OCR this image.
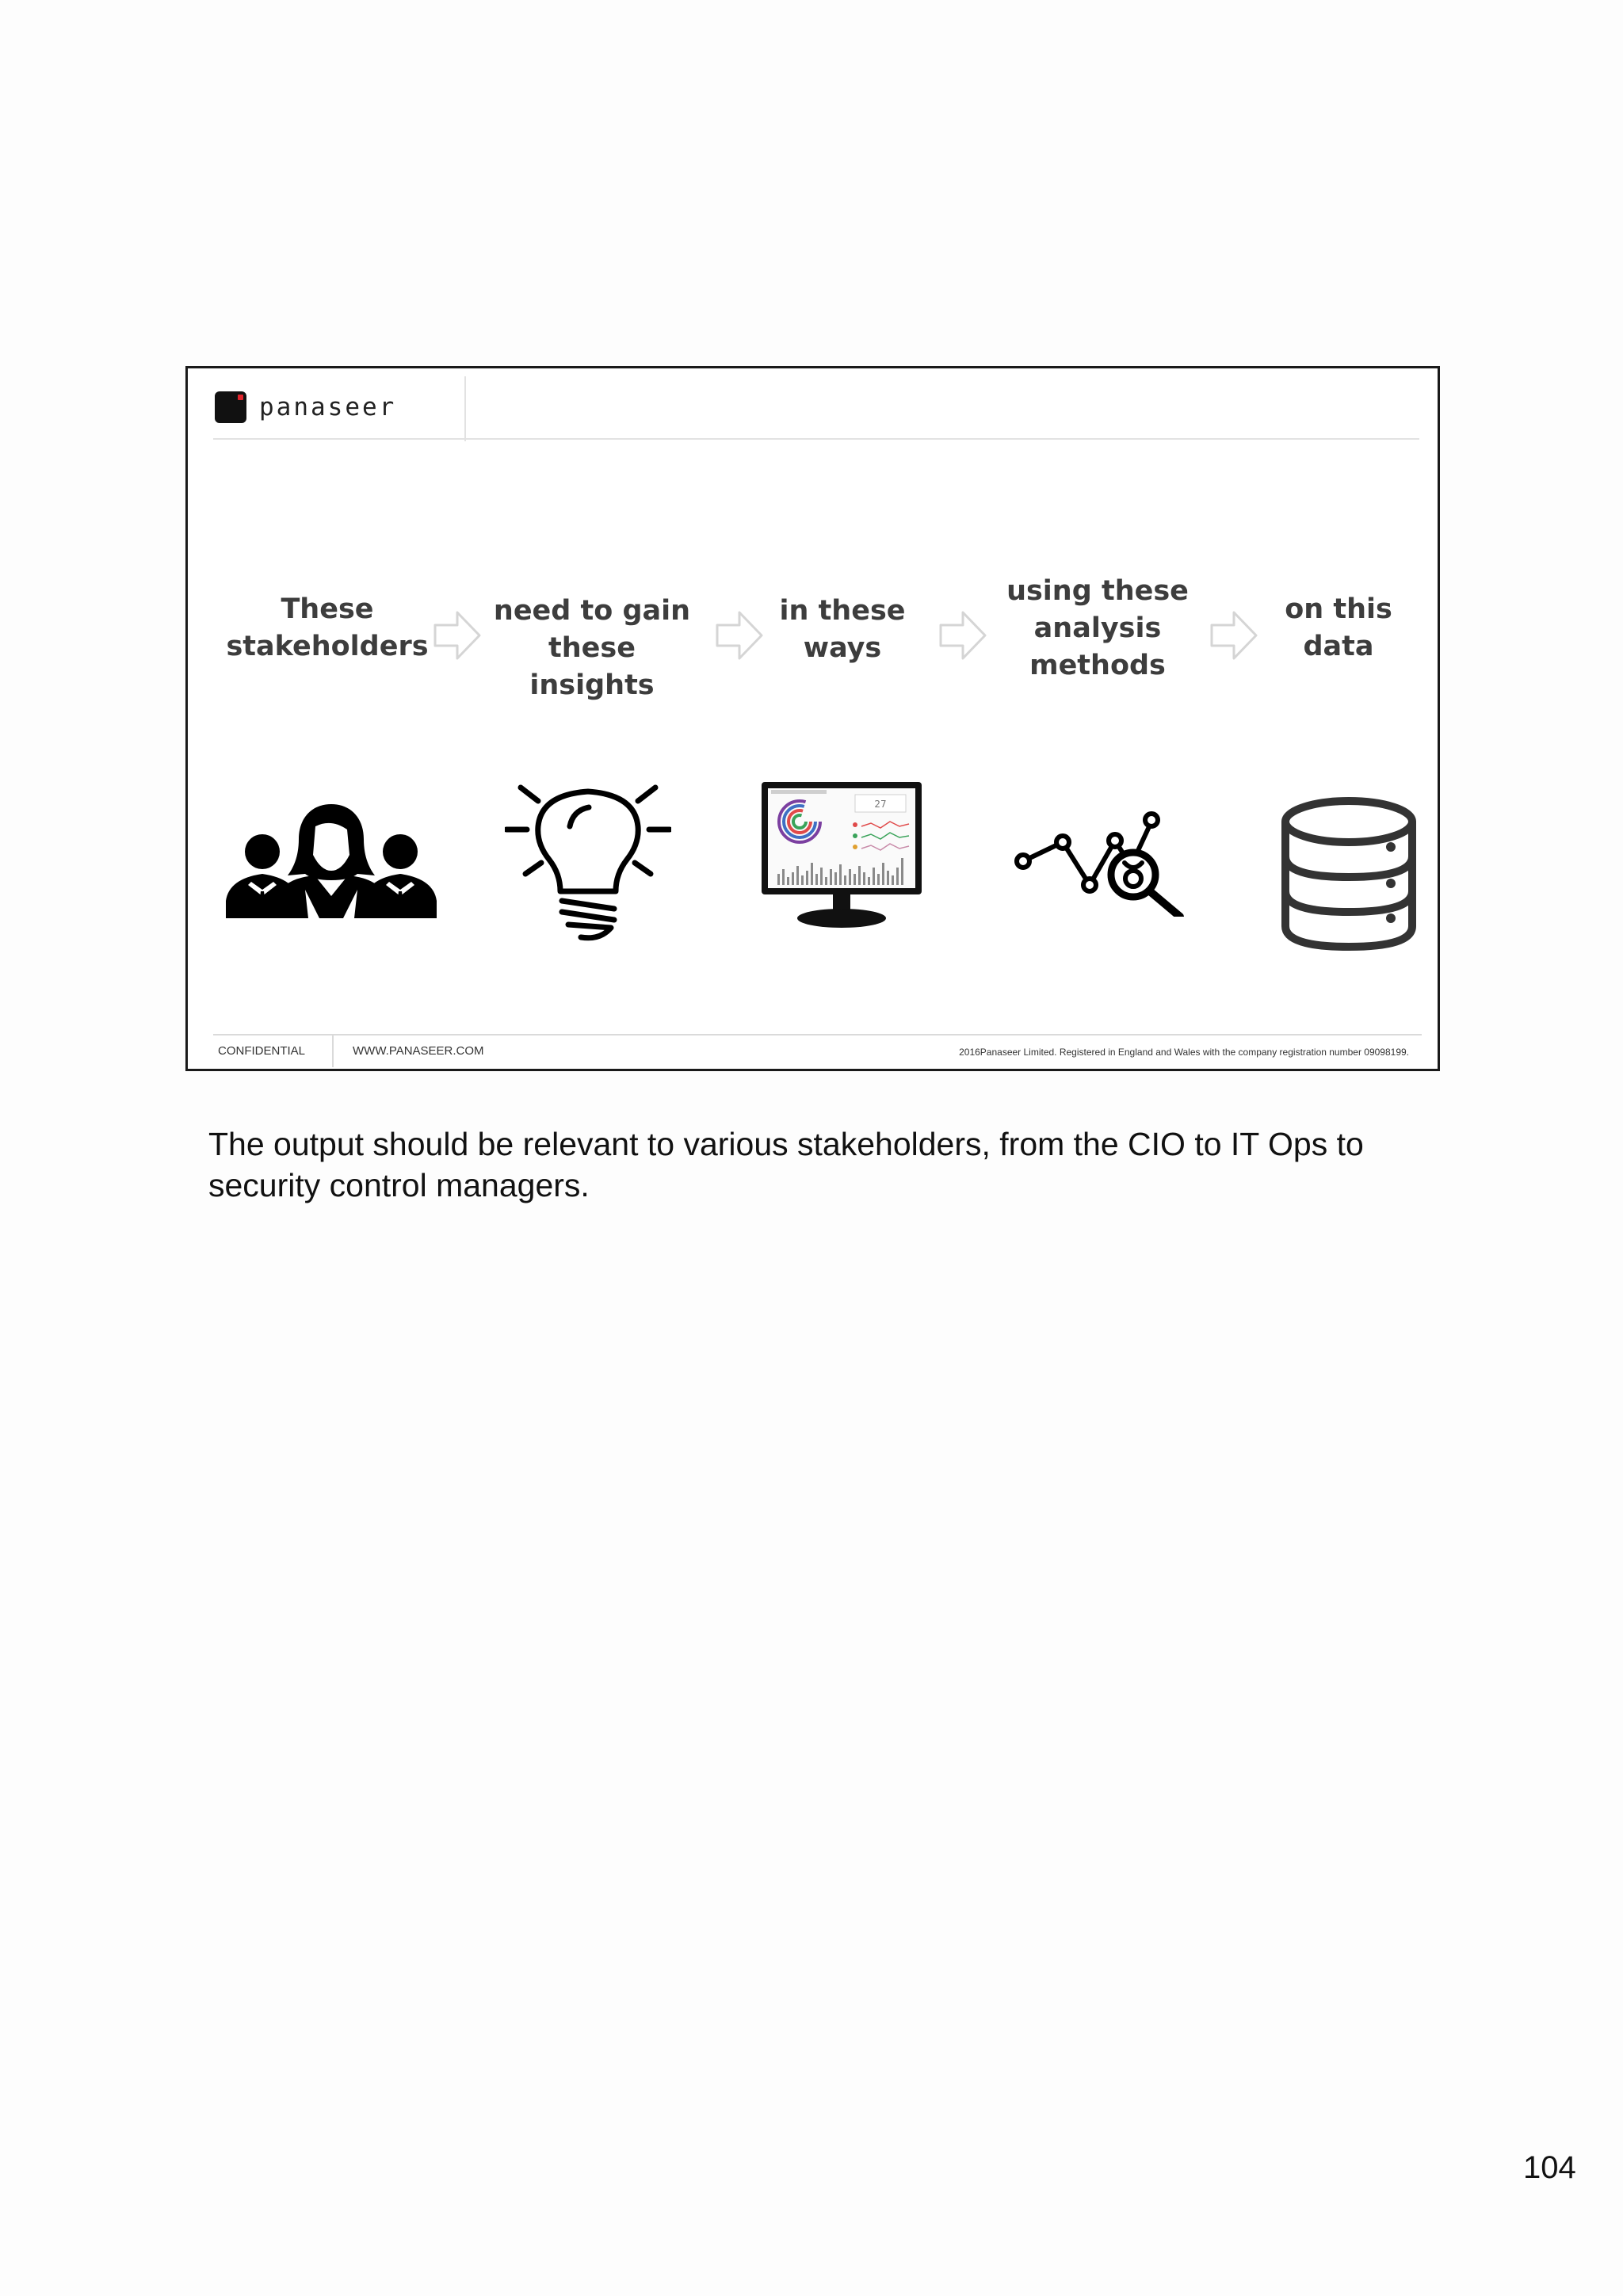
panaseer
These
stakeholders
need to gain
these insights
in these
ways
using these
analysis
methods
on this
data
27
CONFIDENTIAL	WWW.PANASEER.COM	2016Panaseer Limited. Registered in England and Wales with the company registration number 09098199.
The output should be relevant to various stakeholders, from the CIO to IT Ops to
security control managers.
104
